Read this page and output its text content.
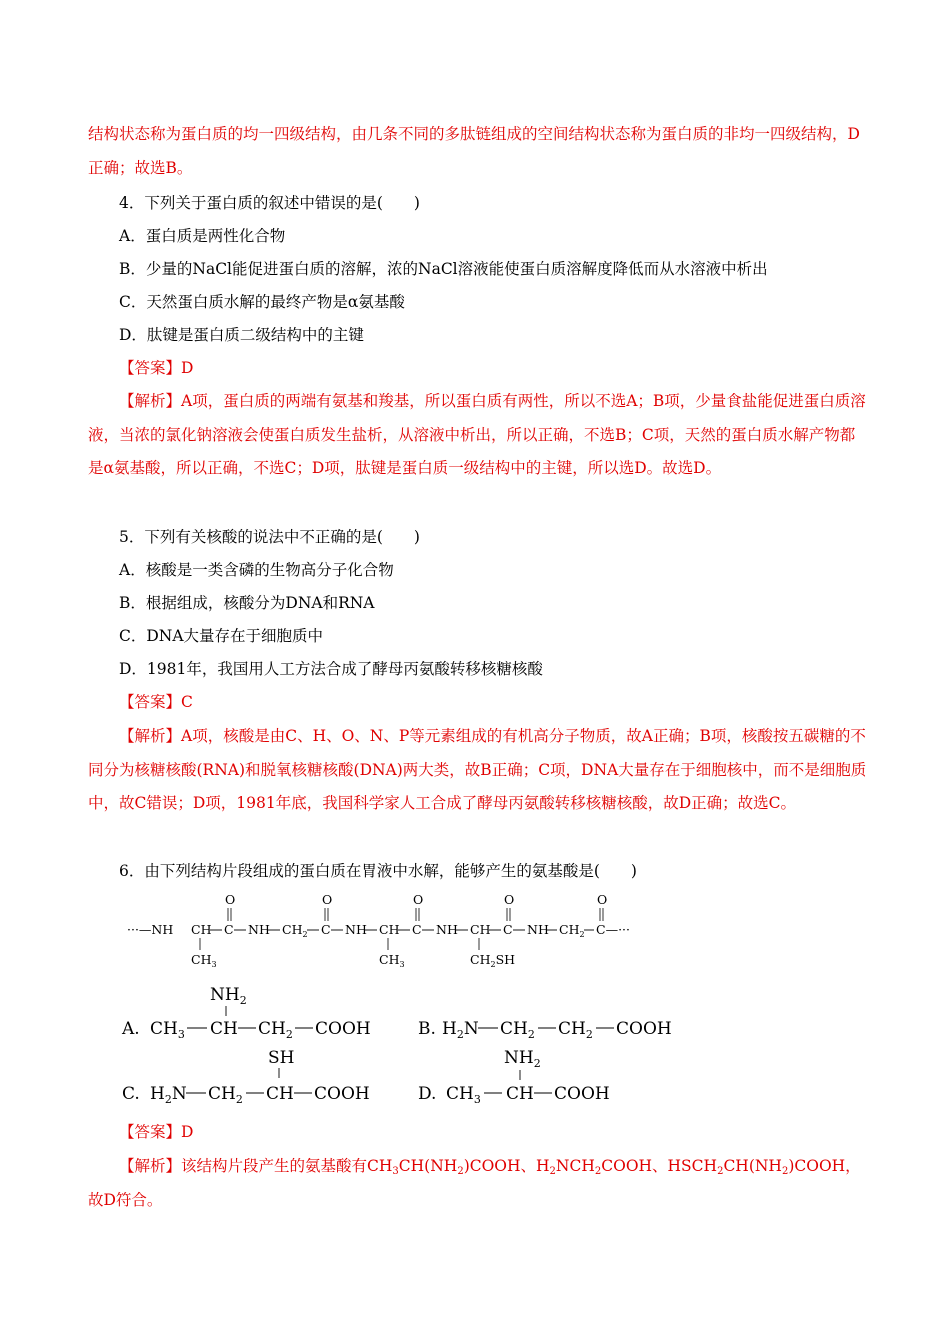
结构状态称为蛋白质的均一四级结构，由几条不同的多肽链组成的空间结构状态称为蛋白质的非均一四级结构，D正确；故选B。
4．下列关于蛋白质的叙述中错误的是(　　)
A．蛋白质是两性化合物
B．少量的NaCl能促进蛋白质的溶解，浓的NaCl溶液能使蛋白质溶解度降低而从水溶液中析出
C．天然蛋白质水解的最终产物是α氨基酸
D．肽键是蛋白质二级结构中的主键
【答案】D
【解析】A项，蛋白质的两端有氨基和羧基，所以蛋白质有两性，所以不选A；B项，少量食盐能促进蛋白质溶液，当浓的氯化钠溶液会使蛋白质发生盐析，从溶液中析出，所以正确，不选B；C项，天然的蛋白质水解产物都是α氨基酸，所以正确，不选C；D项，肽键是蛋白质一级结构中的主键，所以选D。故选D。
5．下列有关核酸的说法中不正确的是(　　)
A．核酸是一类含磷的生物高分子化合物
B．根据组成，核酸分为DNA和RNA
C．DNA大量存在于细胞质中
D．1981年，我国用人工方法合成了酵母丙氨酸转移核糖核酸
【答案】C
【解析】A项，核酸是由C、H、O、N、P等元素组成的有机高分子物质，故A正确；B项，核酸按五碳糖的不同分为核糖核酸(RNA)和脱氧核糖核酸(DNA)两大类，故B正确；C项，DNA大量存在于细胞核中，而不是细胞质中，故C错误；D项，1981年底，我国科学家人工合成了酵母丙氨酸转移核糖核酸，故D正确；故选C。
6．由下列结构片段组成的蛋白质在胃液中水解，能够产生的氨基酸是(　　)
···—NH CH C NH $CH_2$ C NH CH C NH CH C NH $CH_2$ C—···
O	O	O	O	O
$CH_3$	$CH_3$	$CH_2SH$
$NH_2$
A. $CH_3$ CH $CH_2$ COOH	B. $H_2N$ $CH_2$ $CH_2$ COOH
SH
C. $H_2N$ $CH_2$ CH COOH
$NH_2$
D. $CH_3$ CH COOH
【答案】D
【解析】该结构片段产生的氨基酸有$CH_3CH(NH_2)COOH$、$H_2NCH_2COOH$、$HSCH_2CH(NH_2)COOH$，故D符合。
